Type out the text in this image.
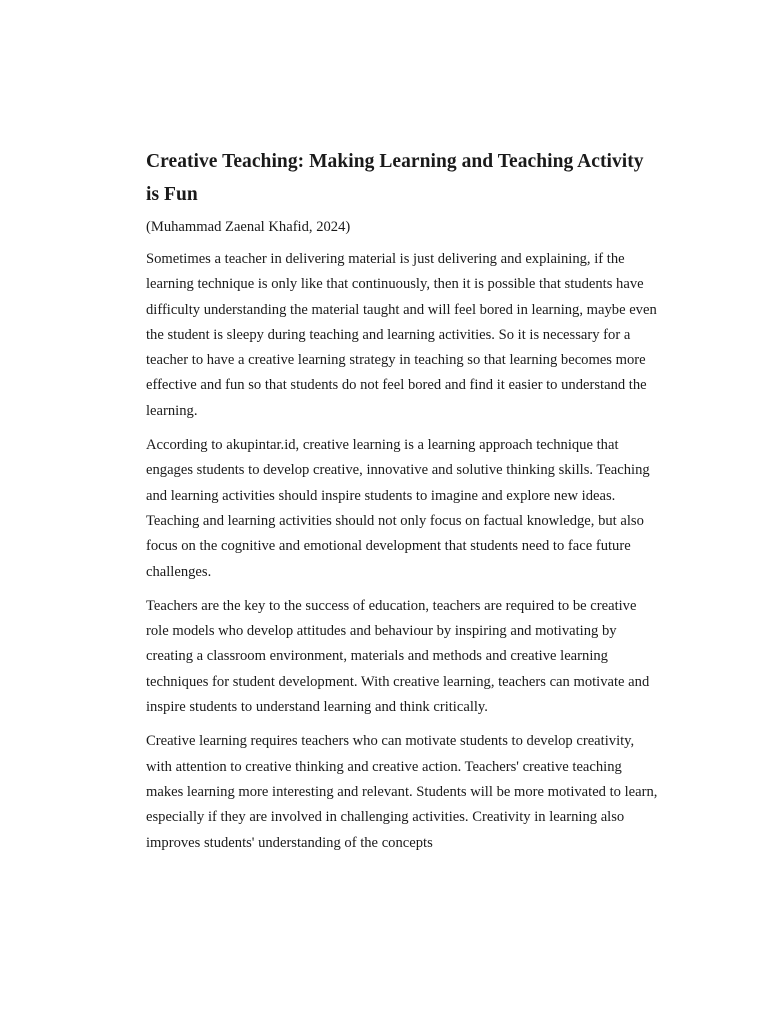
Creative Teaching: Making Learning and Teaching Activity is Fun

(Muhammad Zaenal Khafid, 2024)

Sometimes a teacher in delivering material is just delivering and explaining, if the learning technique is only like that continuously, then it is possible that students have difficulty understanding the material taught and will feel bored in learning, maybe even the student is sleepy during teaching and learning activities. So it is necessary for a teacher to have a creative learning strategy in teaching so that learning becomes more effective and fun so that students do not feel bored and find it easier to understand the learning.

According to akupintar.id, creative learning is a learning approach technique that engages students to develop creative, innovative and solutive thinking skills. Teaching and learning activities should inspire students to imagine and explore new ideas. Teaching and learning activities should not only focus on factual knowledge, but also focus on the cognitive and emotional development that students need to face future challenges.

Teachers are the key to the success of education, teachers are required to be creative role models who develop attitudes and behaviour by inspiring and motivating by creating a classroom environment, materials and methods and creative learning techniques for student development. With creative learning, teachers can motivate and inspire students to understand learning and think critically.

Creative learning requires teachers who can motivate students to develop creativity, with attention to creative thinking and creative action. Teachers' creative teaching makes learning more interesting and relevant. Students will be more motivated to learn, especially if they are involved in challenging activities. Creativity in learning also improves students' understanding of the concepts
